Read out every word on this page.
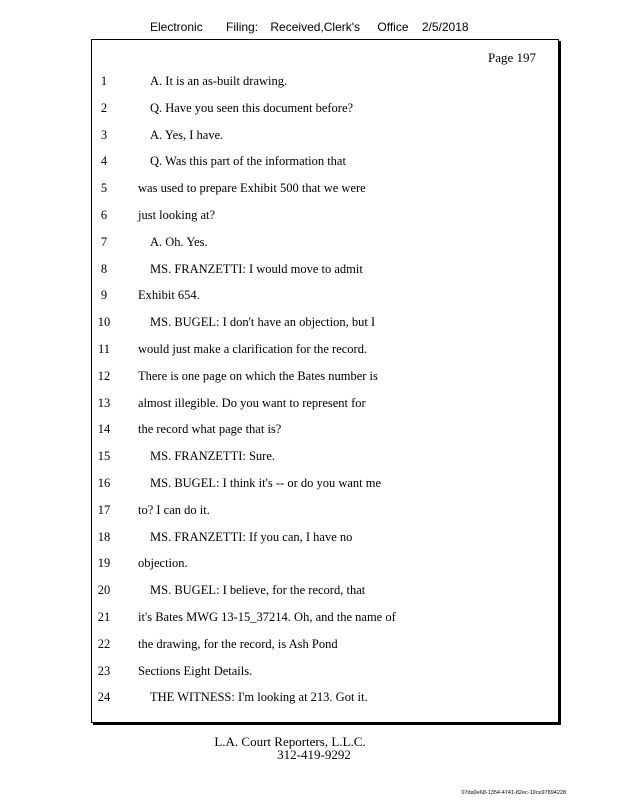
Electronic Filing: Received,Clerk's Office 2/5/2018
Page 197
1	A. It is an as-built drawing.
2	Q. Have you seen this document before?
3	A. Yes, I have.
4	Q. Was this part of the information that
5	was used to prepare Exhibit 500 that we were
6	just looking at?
7	A. Oh. Yes.
8	MS. FRANZETTI: I would move to admit
9	Exhibit 654.
10	MS. BUGEL: I don't have an objection, but I
11	would just make a clarification for the record.
12	There is one page on which the Bates number is
13	almost illegible. Do you want to represent for
14	the record what page that is?
15	MS. FRANZETTI: Sure.
16	MS. BUGEL: I think it's -- or do you want me
17	to? I can do it.
18	MS. FRANZETTI: If you can, I have no
19	objection.
20	MS. BUGEL: I believe, for the record, that
21	it's Bates MWG 13-15_37214. Oh, and the name of
22	the drawing, for the record, is Ash Pond
23	Sections Eight Details.
24	THE WITNESS: I'm looking at 213. Got it.
L.A. Court Reporters, L.L.C.
312-419-9292
07da9e68-1354-4741-82ec-19ce97894228
